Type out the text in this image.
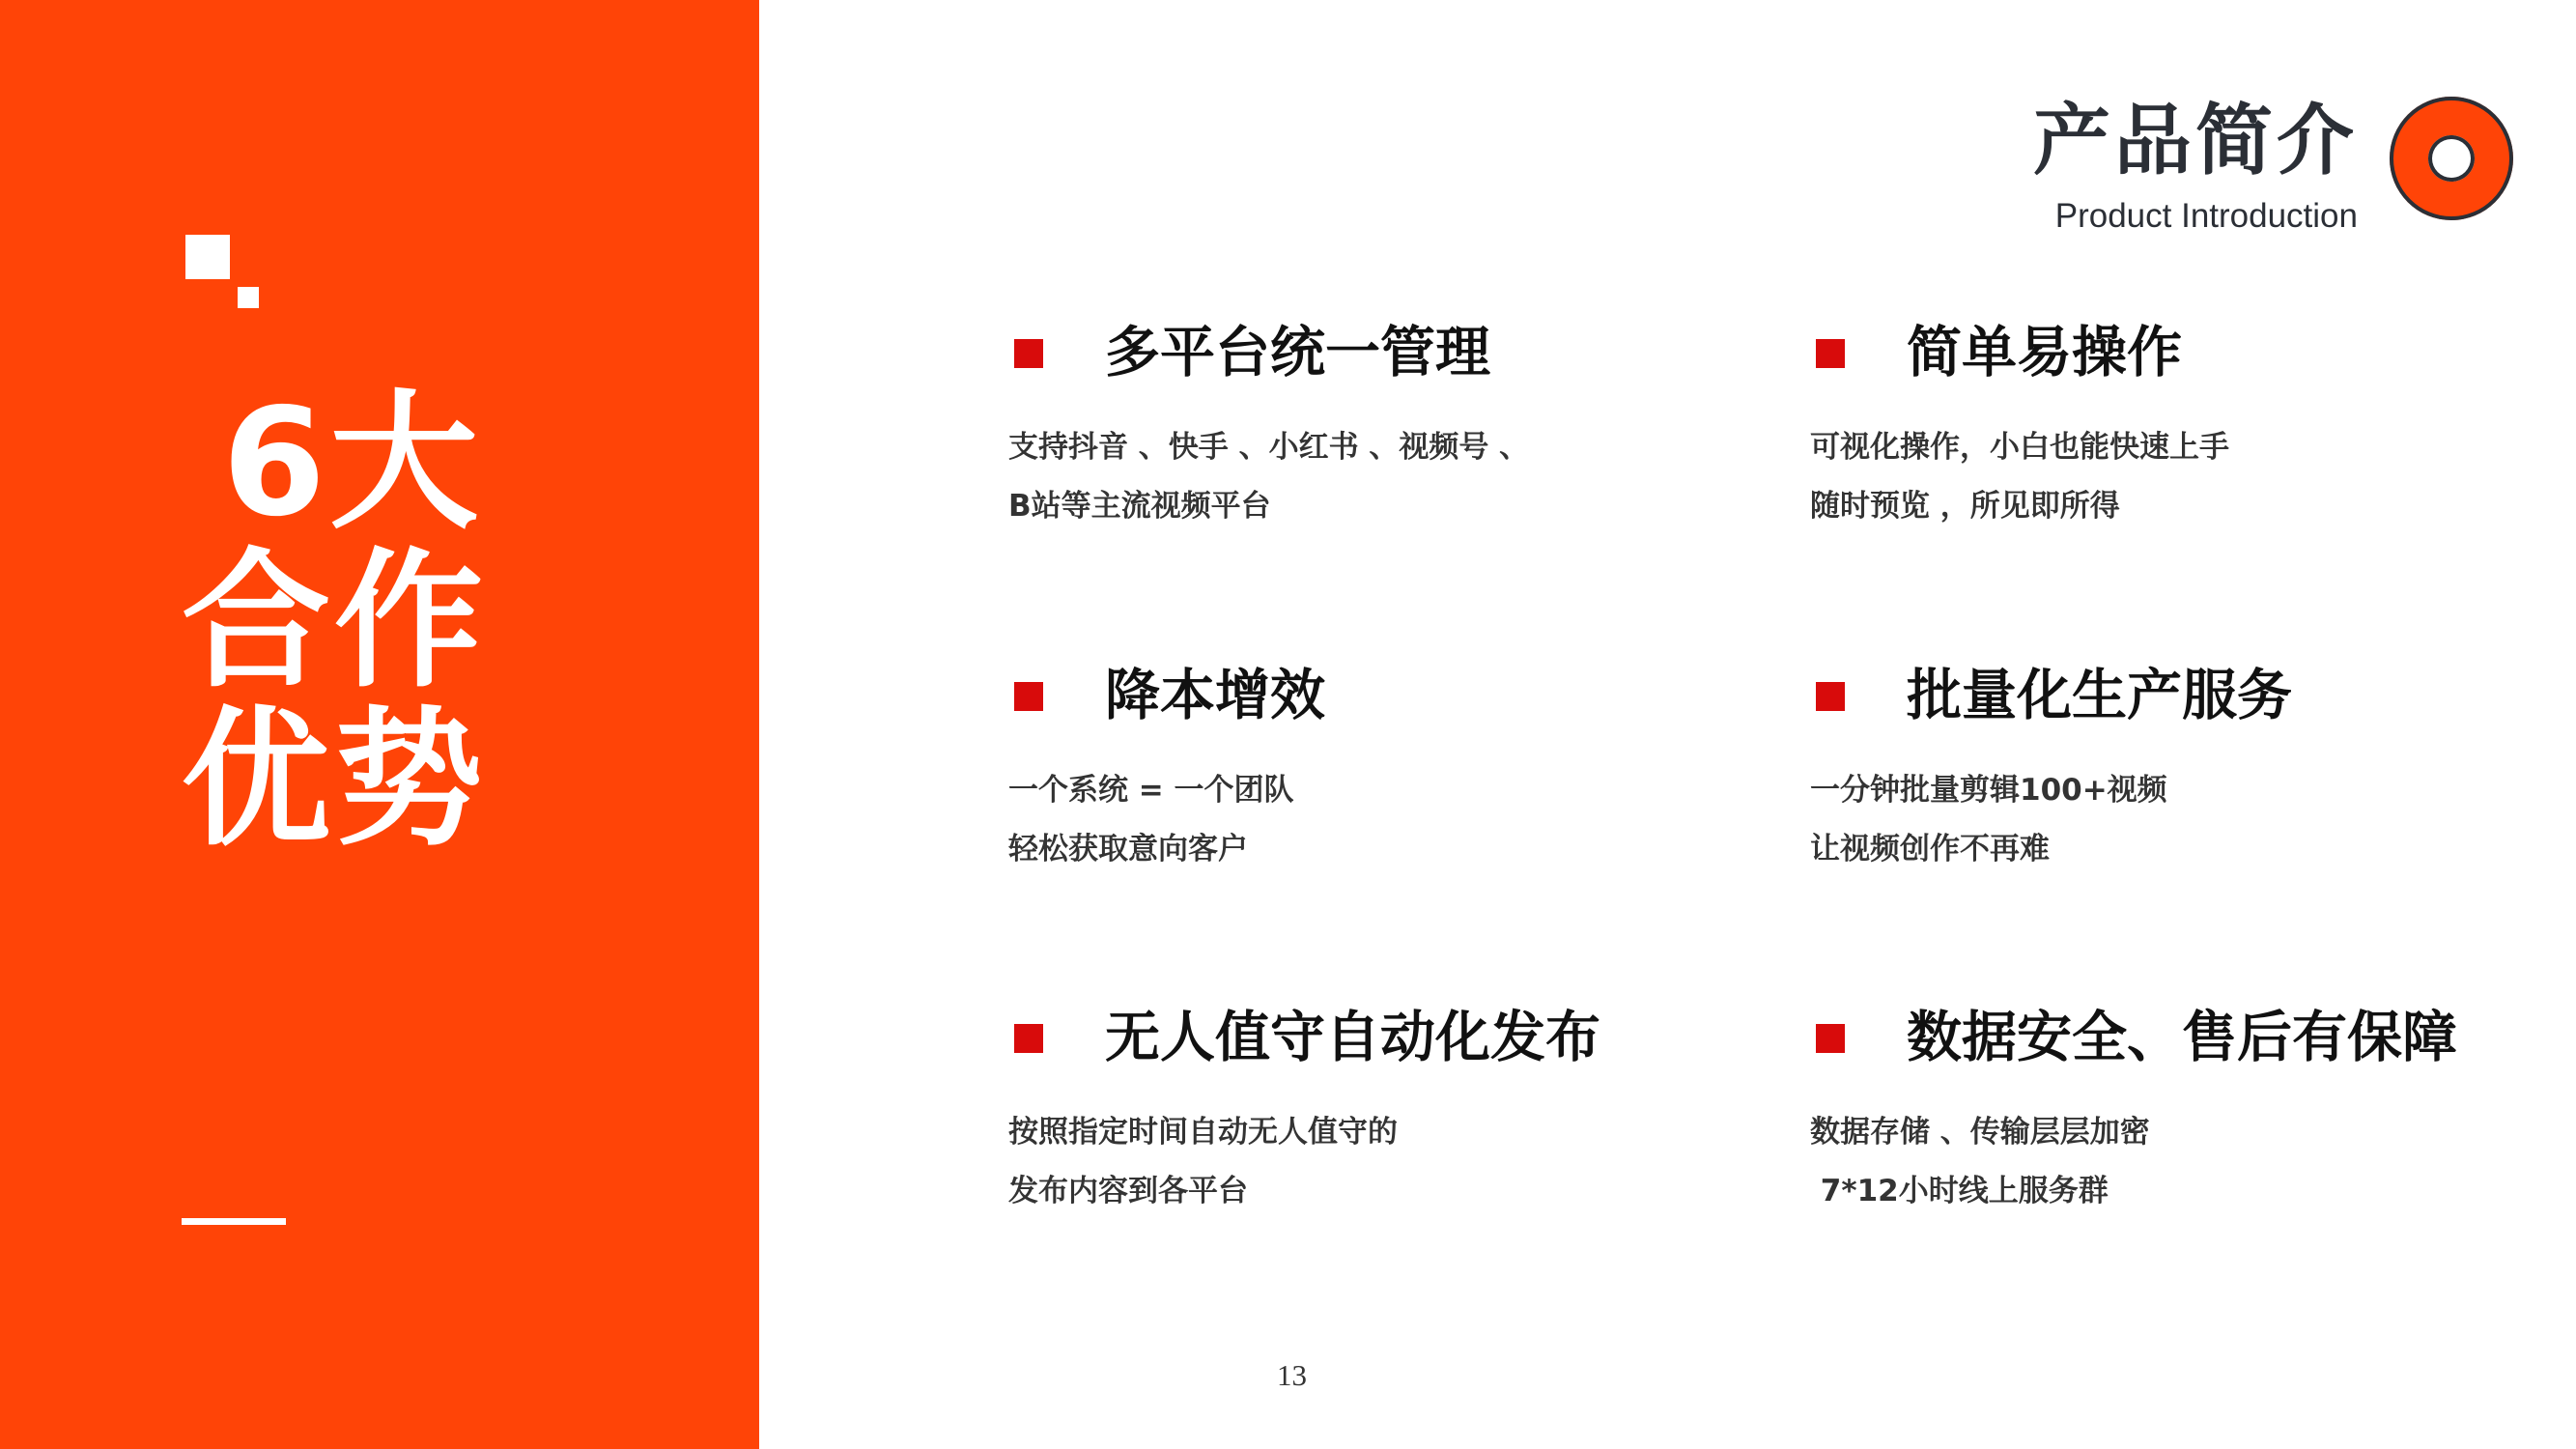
6大
合作
优势
产品简介
Product Introduction
多平台统一管理
支持抖音 、快手 、小红书 、视频号 、
B站等主流视频平台
简单易操作
可视化操作，小白也能快速上手
随时预览 ，所见即所得
降本增效
一个系统 = 一个团队
轻松获取意向客户
批量化生产服务
一分钟批量剪辑100+视频
让视频创作不再难
无人值守自动化发布
按照指定时间自动无人值守的
发布内容到各平台
数据安全、售后有保障
数据存储 、传输层层加密
7*12小时线上服务群
13
